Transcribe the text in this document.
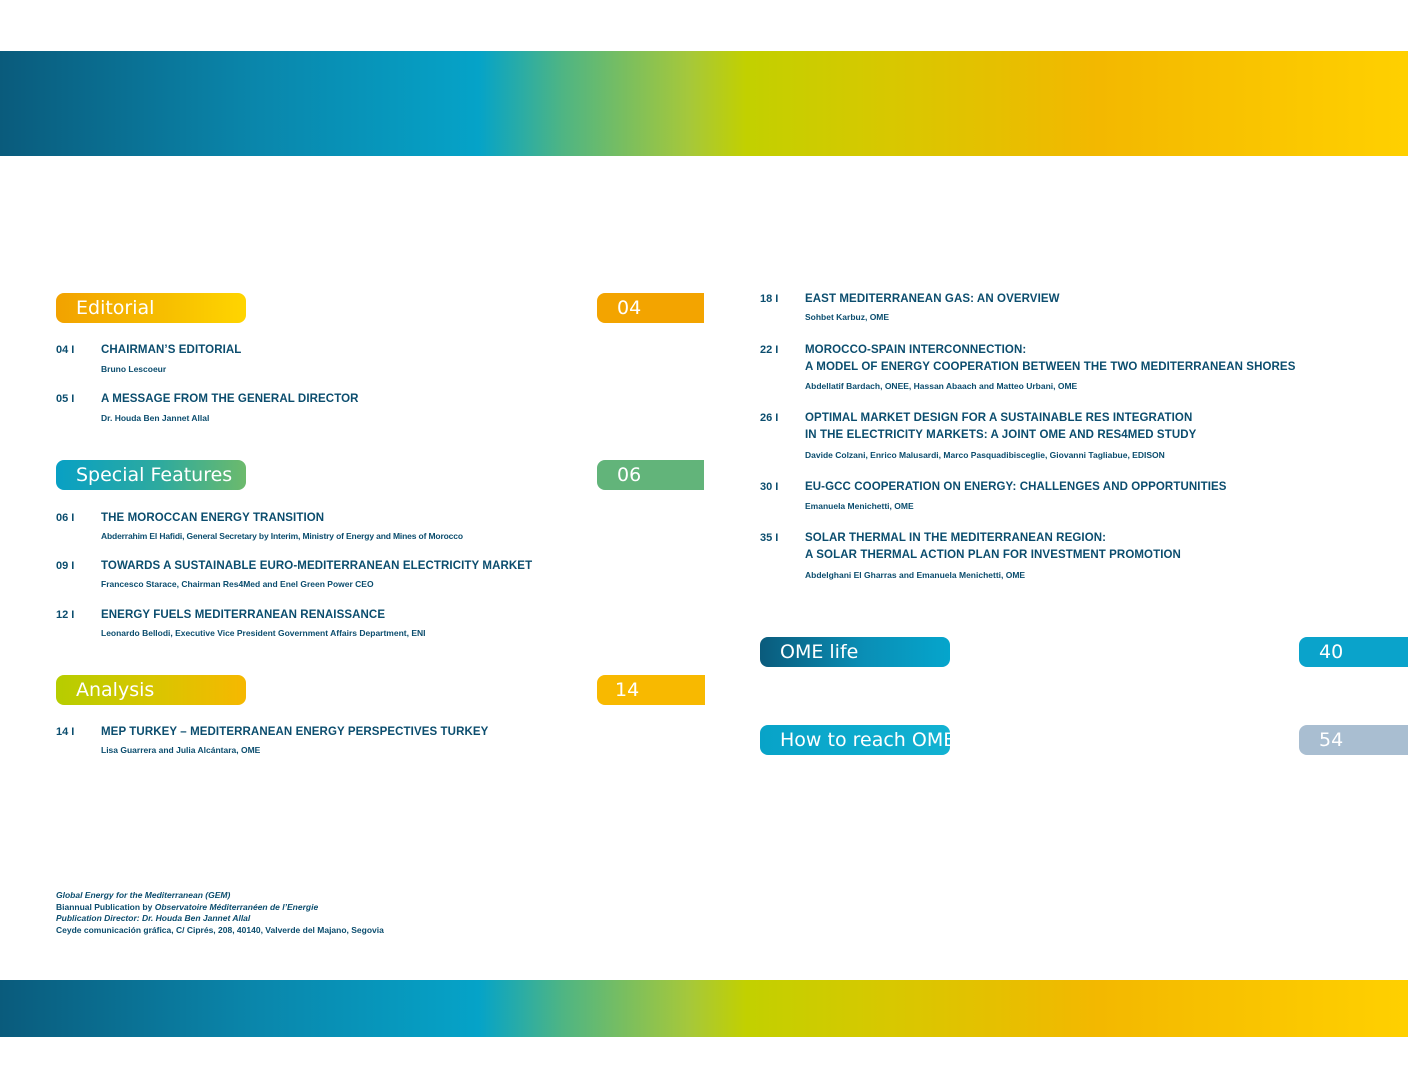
Editorial	04
Special Features	06
Analysis	14
OME life	40
How to reach OME	54
04 I CHAIRMAN’S EDITORIAL
Bruno Lescoeur
05 I A MESSAGE FROM THE GENERAL DIRECTOR
Dr. Houda Ben Jannet Allal
06 I THE MOROCCAN ENERGY TRANSITION
Abderrahim El Hafidi, General Secretary by Interim, Ministry of Energy and Mines of Morocco
09 I TOWARDS A SUSTAINABLE EURO-MEDITERRANEAN ELECTRICITY MARKET
Francesco Starace, Chairman Res4Med and Enel Green Power CEO
12 I ENERGY FUELS MEDITERRANEAN RENAISSANCE
Leonardo Bellodi, Executive Vice President Government Affairs Department, ENI
14 I MEP TURKEY – MEDITERRANEAN ENERGY PERSPECTIVES TURKEY
Lisa Guarrera and Julia Alcántara, OME
18 I EAST MEDITERRANEAN GAS: AN OVERVIEW
Sohbet Karbuz, OME
22 I MOROCCO-SPAIN INTERCONNECTION:
A MODEL OF ENERGY COOPERATION BETWEEN THE TWO MEDITERRANEAN SHORES
Abdellatif Bardach, ONEE, Hassan Abaach and Matteo Urbani, OME
26 I OPTIMAL MARKET DESIGN FOR A SUSTAINABLE RES INTEGRATION
IN THE ELECTRICITY MARKETS: A JOINT OME AND RES4MED STUDY
Davide Colzani, Enrico Malusardi, Marco Pasquadibisceglie, Giovanni Tagliabue, EDISON
30 I EU-GCC COOPERATION ON ENERGY: CHALLENGES AND OPPORTUNITIES
Emanuela Menichetti, OME
35 I SOLAR THERMAL IN THE MEDITERRANEAN REGION:
A SOLAR THERMAL ACTION PLAN FOR INVESTMENT PROMOTION
Abdelghani El Gharras and Emanuela Menichetti, OME
Global Energy for the Mediterranean (GEM)
Biannual Publication by Observatoire Méditerranéen de l’Energie
Publication Director: Dr. Houda Ben Jannet Allal
Ceyde comunicación gráfica, C/ Ciprés, 208, 40140, Valverde del Majano, Segovia
